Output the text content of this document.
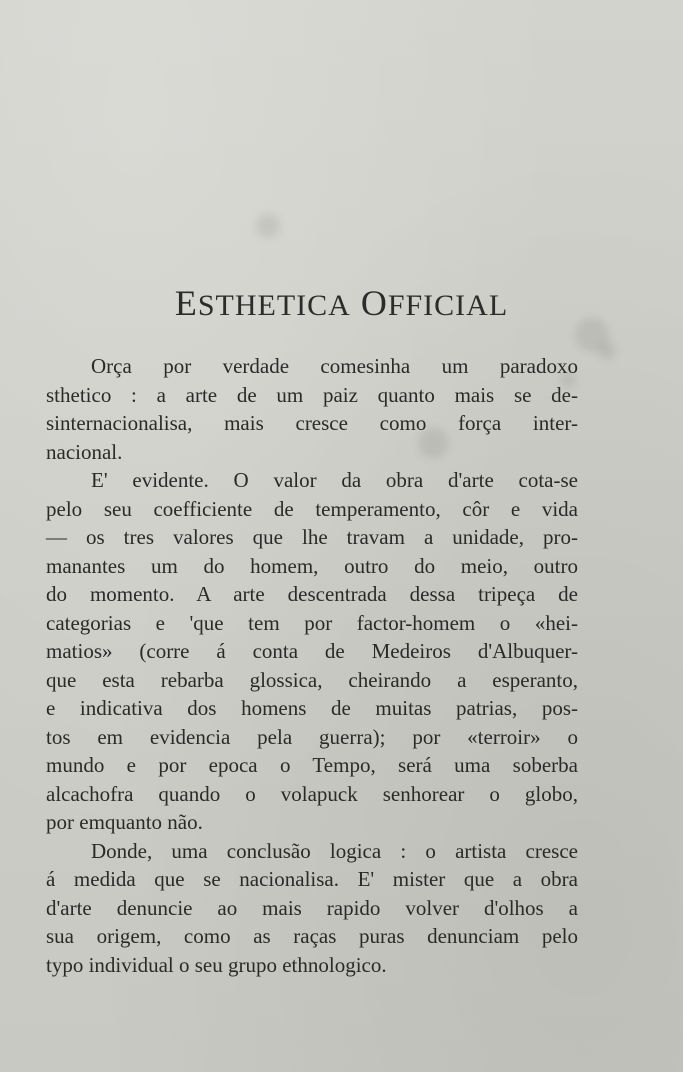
ESTHETICA OFFICIAL
Orça por verdade comesinha um paradoxo
sthetico : a arte de um paiz quanto mais se de-
sinternacionalisa, mais cresce como força inter-
nacional.
E' evidente. O valor da obra d'arte cota-se
pelo seu coefficiente de temperamento, côr e vida
— os tres valores que lhe travam a unidade, pro-
manantes um do homem, outro do meio, outro
do momento. A arte descentrada dessa tripeça de
categorias e 'que tem por factor-homem o «hei-
matios» (corre á conta de Medeiros d'Albuquer-
que esta rebarba glossica, cheirando a esperanto,
e indicativa dos homens de muitas patrias, pos-
tos em evidencia pela guerra); por «terroir» o
mundo e por epoca o Tempo, será uma soberba
alcachofra quando o volapuck senhorear o globo,
por emquanto não.
Donde, uma conclusão logica : o artista cresce
á medida que se nacionalisa. E' mister que a obra
d'arte denuncie ao mais rapido volver d'olhos a
sua origem, como as raças puras denunciam pelo
typo individual o seu grupo ethnologico.
